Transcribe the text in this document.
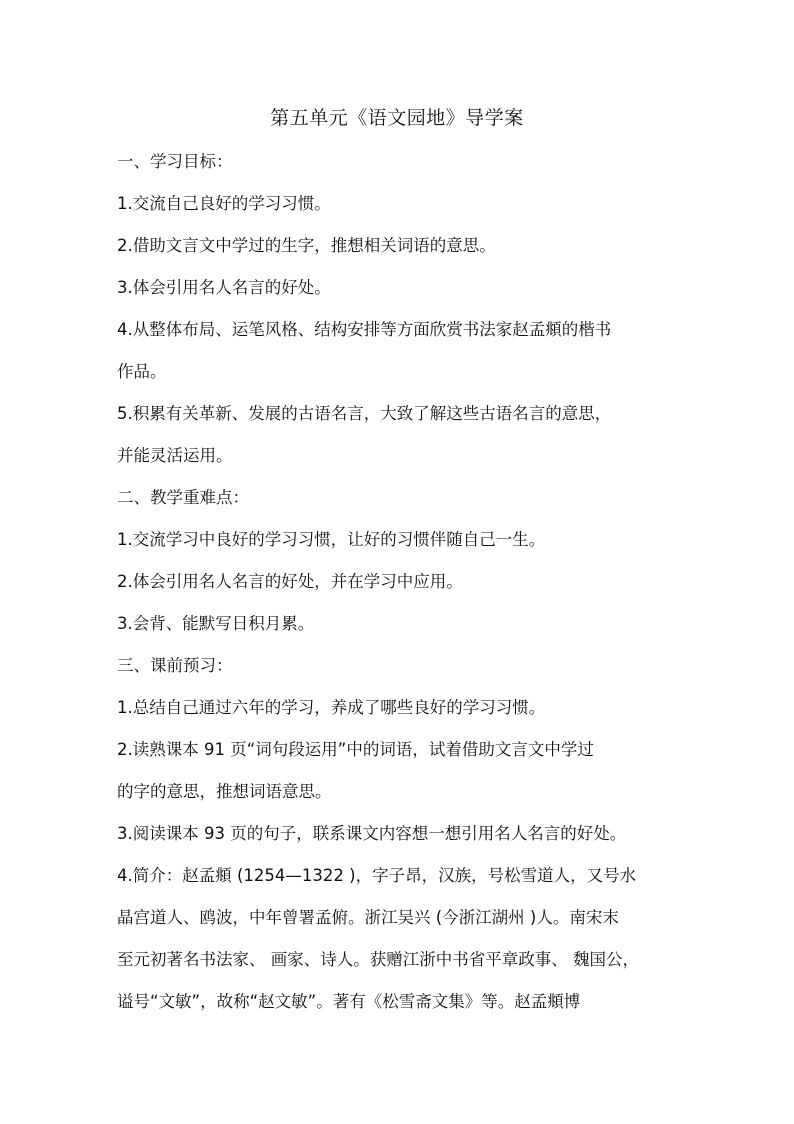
第五单元《语文园地》导学案

一、学习目标：

1.交流自己良好的学习习惯。

2.借助文言文中学过的生字，推想相关词语的意思。

3.体会引用名人名言的好处。

4.从整体布局、运笔风格、结构安排等方面欣赏书法家赵孟頫的楷书

作品。

5.积累有关革新、发展的古语名言，大致了解这些古语名言的意思，

并能灵活运用。

二、教学重难点：

1.交流学习中良好的学习习惯，让好的习惯伴随自己一生。

2.体会引用名人名言的好处，并在学习中应用。

3.会背、能默写日积月累。

三、课前预习：

1.总结自己通过六年的学习，养成了哪些良好的学习习惯。

2.读熟课本 91 页“词句段运用”中的词语，试着借助文言文中学过

的字的意思，推想词语意思。

3.阅读课本 93 页的句子，联系课文内容想一想引用名人名言的好处。

4.简介：赵孟頫 (1254—1322 )，字子昂，汉族，号松雪道人，又号水

晶宫道人、鸥波，中年曾署孟俯。浙江吴兴 (今浙江湖州 )人。南宋末

至元初著名书法家、 画家、诗人。获赠江浙中书省平章政事、 魏国公，

谥号“文敏”，故称“赵文敏”。著有《松雪斋文集》等。赵孟頫博
